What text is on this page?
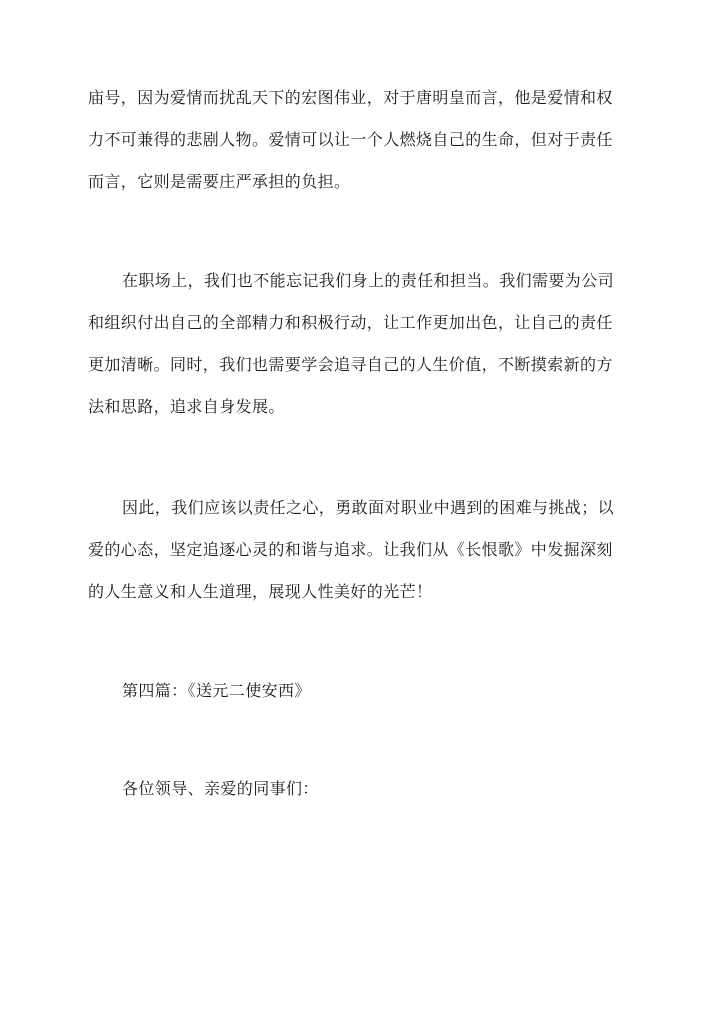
庙号，因为爱情而扰乱天下的宏图伟业，对于唐明皇而言，他是爱情和权
力不可兼得的悲剧人物。爱情可以让一个人燃烧自己的生命，但对于责任
而言，它则是需要庄严承担的负担。
在职场上，我们也不能忘记我们身上的责任和担当。我们需要为公司
和组织付出自己的全部精力和积极行动，让工作更加出色，让自己的责任
更加清晰。同时，我们也需要学会追寻自己的人生价值，不断摸索新的方
法和思路，追求自身发展。
因此，我们应该以责任之心，勇敢面对职业中遇到的困难与挑战；以
爱的心态，坚定追逐心灵的和谐与追求。让我们从《长恨歌》中发掘深刻
的人生意义和人生道理，展现人性美好的光芒！
第四篇：《送元二使安西》
各位领导、亲爱的同事们：
